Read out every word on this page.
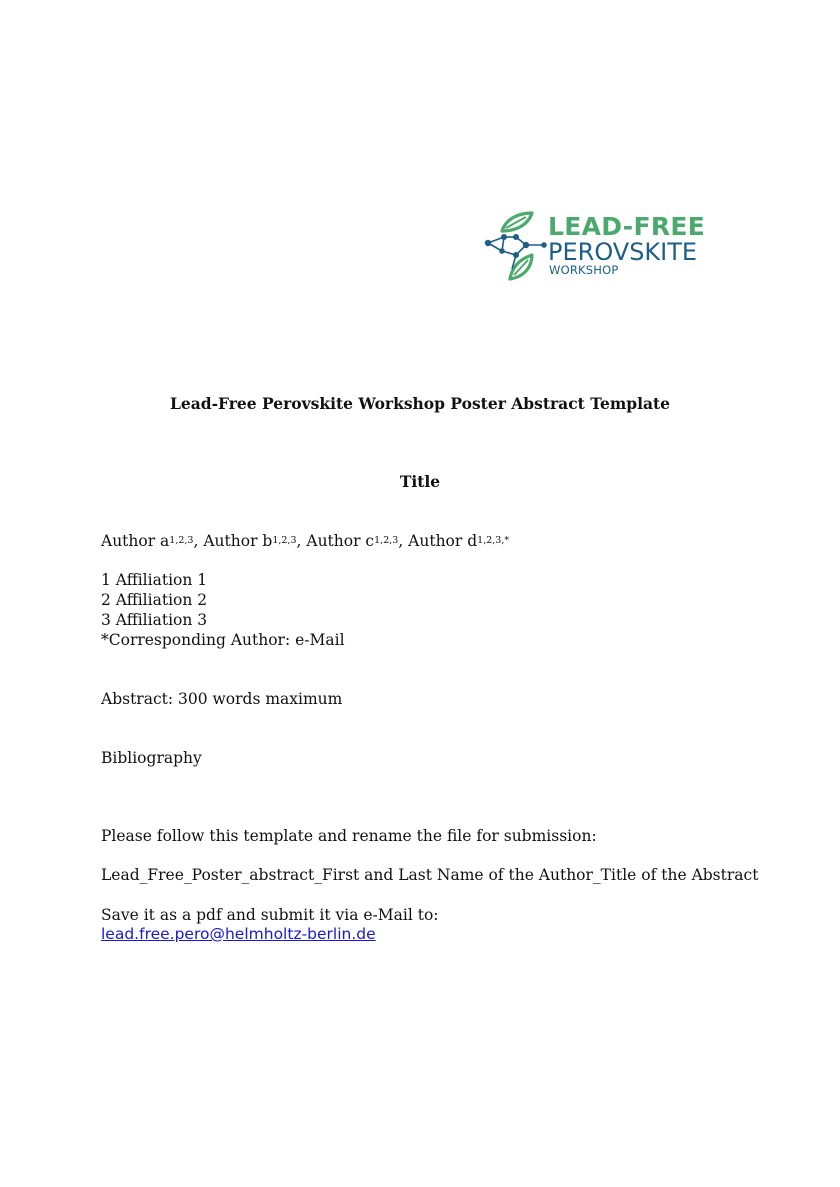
LEAD-FREE
PEROVSKITE
WORKSHOP
Lead-Free Perovskite Workshop Poster Abstract Template
Title
Author $a^{1,2,3}$, Author $b^{1,2,3}$, Author $c^{1,2,3}$, Author $d^{1,2,3,*}$
1 Affiliation 1
2 Affiliation 2
3 Affiliation 3
*Corresponding Author: e-Mail
Abstract: 300 words maximum
Bibliography
Please follow this template and rename the file for submission:
Lead_Free_Poster_abstract_First and Last Name of the Author_Title of the Abstract
Save it as a pdf and submit it via e-Mail to:
lead.free.pero@helmholtz-berlin.de
